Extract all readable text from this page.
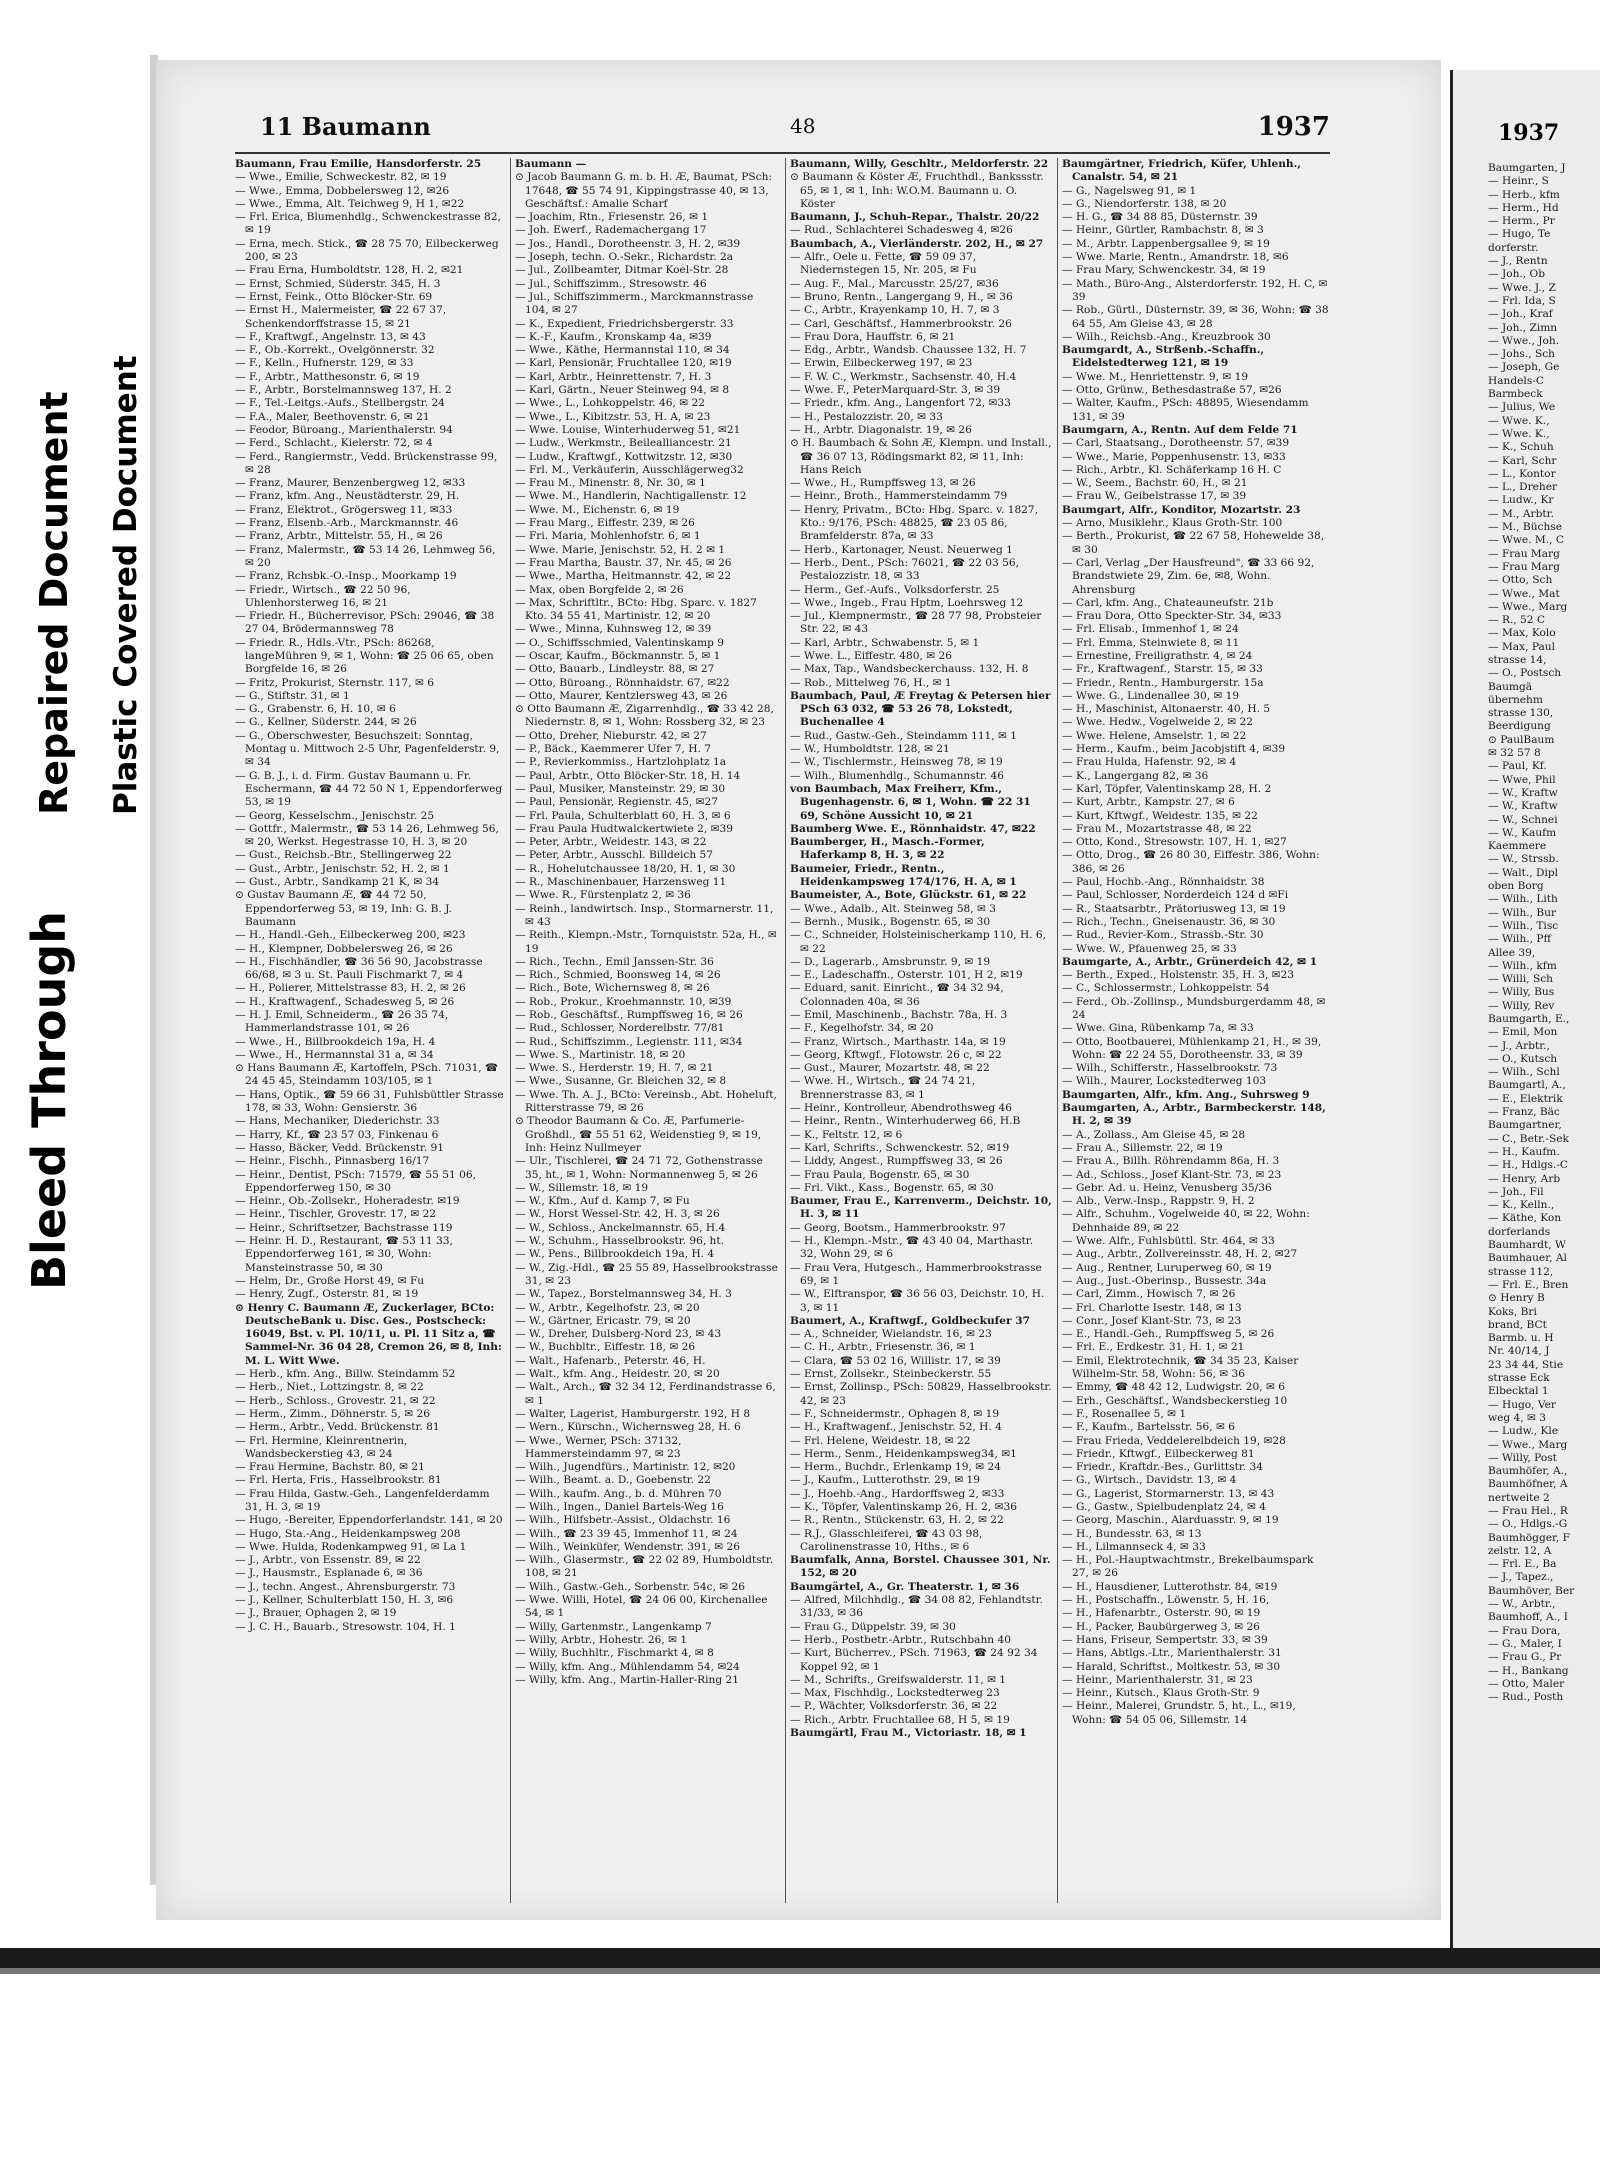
Bleed Through
Repaired Document Plastic Covered Document
11 Baumann	48	1937

Baumann, Frau Emilie, Hansdorferstr. 25

— Wwe., Emilie, Schweckestr. 82, ✉ 19

— Wwe., Emma, Dobbelersweg 12, ✉26

— Wwe., Emma, Alt. Teichweg 9, H 1, ✉22

— Frl. Erica, Blumenhdlg., Schwenckestrasse 82, ✉ 19

— Erna, mech. Stick., ☎ 28 75 70, Eilbeckerweg 200, ✉ 23

— Frau Erna, Humboldtstr. 128, H. 2, ✉21

— Ernst, Schmied, Süderstr. 345, H. 3

— Ernst, Feink., Otto Blöcker-Str. 69

— Ernst H., Malermeister, ☎ 22 67 37, Schenkendorffstrasse 15, ✉ 21

— F., Kraftwgf., Angelnstr. 13, ✉ 43

— F., Ob.-Korrekt., Ovelgönnerstr. 32

— F., Kelln., Hufnerstr. 129, ✉ 33

— F., Arbtr., Matthesonstr. 6, ✉ 19

— F., Arbtr., Borstelmannsweg 137, H. 2

— F., Tel.-Leitgs.-Aufs., Stellbergstr. 24

— F.A., Maler, Beethovenstr. 6, ✉ 21

— Feodor, Büroang., Marienthalerstr. 94

— Ferd., Schlacht., Kielerstr. 72, ✉ 4

— Ferd., Rangiermstr., Vedd. Brückenstrasse 99, ✉ 28

— Franz, Maurer, Benzenbergweg 12, ✉33

— Franz, kfm. Ang., Neustädterstr. 29, H.

— Franz, Elektrot., Grögersweg 11, ✉33

— Franz, Elsenb.-Arb., Marckmannstr. 46

— Franz, Arbtr., Mittelstr. 55, H., ✉ 26

— Franz, Malermstr., ☎ 53 14 26, Lehmweg 56, ✉ 20

— Franz, Rchsbk.-O.-Insp., Moorkamp 19

— Friedr., Wirtsch., ☎ 22 50 96, Uhlenhorsterweg 16, ✉ 21

— Friedr. H., Bücherrevisor, PSch: 29046, ☎ 38 27 04, Brödermannsweg 78

— Friedr. R., Hdls.-Vtr., PSch: 86268, langeMühren 9, ✉ 1, Wohn: ☎ 25 06 65, oben Borgfelde 16, ✉ 26

— Fritz, Prokurist, Sternstr. 117, ✉ 6

— G., Stiftstr. 31, ✉ 1

— G., Grabenstr. 6, H. 10, ✉ 6

— G., Kellner, Süderstr. 244, ✉ 26

— G., Oberschwester, Besuchszeit: Sonntag, Montag u. Mittwoch 2-5 Uhr, Pagenfelderstr. 9, ✉ 34

— G. B. J., i. d. Firm. Gustav Baumann u. Fr. Eschermann, ☎ 44 72 50 N 1, Eppendorferweg 53, ✉ 19

— Georg, Kesselschm., Jenischstr. 25

— Gottfr., Malermstr., ☎ 53 14 26, Lehmweg 56, ✉ 20, Werkst. Hegestrasse 10, H. 3, ✉ 20

— Gust., Reichsb.-Btr., Stellingerweg 22

— Gust., Arbtr., Jenischstr. 52, H. 2, ✉ 1

— Gust., Arbtr., Sandkamp 21 K, ✉ 34

⊙ Gustav Baumann Æ, ☎ 44 72 50, Eppendorferweg 53, ✉ 19, Inh: G. B. J. Baumann

— H., Handl.-Geh., Eilbeckerweg 200, ✉23

— H., Klempner, Dobbelersweg 26, ✉ 26

— H., Fischhändler, ☎ 36 56 90, Jacobstrasse 66/68, ✉ 3 u. St. Pauli Fischmarkt 7, ✉ 4

— H., Polierer, Mittelstrasse 83, H. 2, ✉ 26

— H., Kraftwagenf., Schadesweg 5, ✉ 26

— H. J. Emil, Schneiderm., ☎ 26 35 74, Hammerlandstrasse 101, ✉ 26

— Wwe., H., Billbrookdeich 19a, H. 4

— Wwe., H., Hermannstal 31 a, ✉ 34

⊙ Hans Baumann Æ, Kartoffeln, PSch. 71031, ☎ 24 45 45, Steindamm 103/105, ✉ 1

— Hans, Optik., ☎ 59 66 31, Fuhlsbüttler Strasse 178, ✉ 33, Wohn: Gensierstr. 36

— Hans, Mechaniker, Diederichstr. 33

— Harry, Kf., ☎ 23 57 03, Finkenau 6

— Hasso, Bäcker, Vedd. Brückenstr. 91

— Heinr., Fischh., Pinnasberg 16/17

— Heinr., Dentist, PSch: 71579, ☎ 55 51 06, Eppendorferweg 150, ✉ 30

— Heinr., Ob.-Zollsekr., Hoheradestr. ✉19

— Heinr., Tischler, Grovestr. 17, ✉ 22

— Heinr., Schriftsetzer, Bachstrasse 119

— Heinr. H. D., Restaurant, ☎ 53 11 33, Eppendorferweg 161, ✉ 30, Wohn: Mansteinstrasse 50, ✉ 30

— Helm, Dr., Große Horst 49, ✉ Fu

— Henry, Zugf., Osterstr. 81, ✉ 19

⊙ Henry C. Baumann Æ, Zuckerlager, BCto: DeutscheBank u. Disc. Ges., Postscheck: 16049, Bst. v. Pl. 10/11, u. Pl. 11 Sitz a, ☎ Sammel-Nr. 36 04 28, Cremon 26, ✉ 8, Inh: M. L. Witt Wwe.

— Herb., kfm. Ang., Billw. Steindamm 52

— Herb., Niet., Lottzingstr. 8, ✉ 22

— Herb., Schloss., Grovestr. 21, ✉ 22

— Herm., Zimm., Döhnerstr. 5, ✉ 26

— Herm., Arbtr., Vedd. Brückenstr. 81

— Frl. Hermine, Kleinrentnerin, Wandsbeckerstieg 43, ✉ 24

— Frau Hermine, Bachstr. 80, ✉ 21

— Frl. Herta, Fris., Hasselbrookstr. 81

— Frau Hilda, Gastw.-Geh., Langenfelderdamm 31, H. 3, ✉ 19

— Hugo, -Bereiter, Eppendorferlandstr. 141, ✉ 20

— Hugo, Sta.-Ang., Heidenkampsweg 208

— Wwe. Hulda, Rodenkampweg 91, ✉ La 1

— J., Arbtr., von Essenstr. 89, ✉ 22

— J., Hausmstr., Esplanade 6, ✉ 36

— J., techn. Angest., Ahrensburgerstr. 73

— J., Kellner, Schulterblatt 150, H. 3, ✉6

— J., Brauer, Ophagen 2, ✉ 19

— J. C. H., Bauarb., Stresowstr. 104, H. 1

Baumann —

⊙ Jacob Baumann G. m. b. H. Æ, Baumat, PSch: 17648, ☎ 55 74 91, Kippingstrasse 40, ✉ 13, Geschäftsf.: Amalie Scharf

— Joachim, Rtn., Friesenstr. 26, ✉ 1

— Joh. Ewerf., Rademachergang 17

— Jos., Handl., Dorotheenstr. 3, H. 2, ✉39

— Joseph, techn. O.-Sekr., Richardstr. 2a

— Jul., Zollbeamter, Ditmar Koel-Str. 28

— Jul., Schiffszimm., Stresowstr. 46

— Jul., Schiffszimmerm., Marckmannstrasse 104, ✉ 27

— K., Expedient, Friedrichsbergerstr. 33

— K.-F., Kaufm., Kronskamp 4a, ✉39

— Wwe., Käthe, Hermannstal 110, ✉ 34

— Karl, Pensionär, Fruchtallee 120, ✉19

— Karl, Arbtr., Heinrettenstr. 7, H. 3

— Karl, Gärtn., Neuer Steinweg 94, ✉ 8

— Wwe., L., Lohkoppelstr. 46, ✉ 22

— Wwe., L., Kibitzstr. 53, H. A, ✉ 23

— Wwe. Louise, Winterhuderweg 51, ✉21

— Ludw., Werkmstr., Beilealliancestr. 21

— Ludw., Kraftwgf., Kottwitzstr. 12, ✉30

— Frl. M., Verkäuferin, Ausschlägerweg32

— Frau M., Minenstr. 8, Nr. 30, ✉ 1

— Wwe. M., Handlerin, Nachtigallenstr. 12

— Wwe. M., Eichenstr. 6, ✉ 19

— Frau Marg., Eiffestr. 239, ✉ 26

— Fri. Maria, Mohlenhofstr. 6, ✉ 1

— Wwe. Marie, Jenischstr. 52, H. 2 ✉ 1

— Frau Martha, Baustr. 37, Nr. 45, ✉ 26

— Wwe., Martha, Heitmannstr. 42, ✉ 22

— Max, oben Borgfelde 2, ✉ 26

— Max, Schriftltr., BCto: Hbg. Sparc. v. 1827 Kto. 34 55 41, Martinistr. 12, ✉ 20

— Wwe., Minna, Kuhnsweg 12, ✉ 39

— O., Schiffsschmied, Valentinskamp 9

— Oscar, Kaufm., Böckmannstr. 5, ✉ 1

— Otto, Bauarb., Lindleystr. 88, ✉ 27

— Otto, Büroang., Rönnhaidstr. 67, ✉22

— Otto, Maurer, Kentzlersweg 43, ✉ 26

⊙ Otto Baumann Æ, Zigarrenhdlg., ☎ 33 42 28, Niedernstr. 8, ✉ 1, Wohn: Rossberg 32, ✉ 23

— Otto, Dreher, Nieburstr. 42, ✉ 27

— P., Bäck., Kaemmerer Ufer 7, H. 7

— P., Revierkommiss., Hartzlohplatz 1a

— Paul, Arbtr., Otto Blöcker-Str. 18, H. 14

— Paul, Musiker, Mansteinstr. 29, ✉ 30

— Paul, Pensionär, Regienstr. 45, ✉27

— Frl. Paula, Schulterblatt 60, H. 3, ✉ 6

— Frau Paula Hudtwalckertwiete 2, ✉39

— Peter, Arbtr., Weidestr. 143, ✉ 22

— Peter, Arbtr., Ausschl. Billdeich 57

— R., Hohelutchaussee 18/20, H. 1, ✉ 30

— R., Maschinenbauer, Harzensweg 11

— Wwe. R., Fürstenplatz 2, ✉ 36

— Reinh., landwirtsch. Insp., Stormarnerstr. 11, ✉ 43

— Reith., Klempn.-Mstr., Tornquiststr. 52a, H., ✉ 19

— Rich., Techn., Emil Janssen-Str. 36

— Rich., Schmied, Boonsweg 14, ✉ 26

— Rich., Bote, Wichernsweg 8, ✉ 26

— Rob., Prokur., Kroehmannstr. 10, ✉39

— Rob., Geschäftsf., Rumpffsweg 16, ✉ 26

— Rud., Schlosser, Norderelbstr. 77/81

— Rud., Schiffszimm., Legienstr. 111, ✉34

— Wwe. S., Martinistr. 18, ✉ 20

— Wwe. S., Herderstr. 19, H. 7, ✉ 21

— Wwe., Susanne, Gr. Bleichen 32, ✉ 8

— Wwe. Th. A. J., BCto: Vereinsb., Abt. Hoheluft, Ritterstrasse 79, ✉ 26

⊙ Theodor Baumann & Co. Æ, Parfumerie-Großhdl., ☎ 55 51 62, Weidenstieg 9, ✉ 19, Inh: Heinz Nullmeyer

— Ulr., Tischlerei, ☎ 24 71 72, Gothenstrasse 35, ht., ✉ 1, Wohn: Normannenweg 5, ✉ 26

— W., Sillemstr. 18, ✉ 19

— W., Kfm., Auf d. Kamp 7, ✉ Fu

— W., Horst Wessel-Str. 42, H. 3, ✉ 26

— W., Schloss., Anckelmannstr. 65, H.4

— W., Schuhm., Hasselbrookstr. 96, ht.

— W., Pens., Billbrookdeich 19a, H. 4

— W., Zig.-Hdl., ☎ 25 55 89, Hasselbrookstrasse 31, ✉ 23

— W., Tapez., Borstelmannsweg 34, H. 3

— W., Arbtr., Kegelhofstr. 23, ✉ 20

— W., Gärtner, Ericastr. 79, ✉ 20

— W., Dreher, Dulsberg-Nord 23, ✉ 43

— W., Buchbltr., Eiffestr. 18, ✉ 26

— Walt., Hafenarb., Peterstr. 46, H.

— Walt., kfm. Ang., Heidestr. 20, ✉ 20

— Walt., Arch., ☎ 32 34 12, Ferdinandstrasse 6, ✉ 1

— Walter, Lagerist, Hamburgerstr. 192, H 8

— Wern., Kürschn., Wichernsweg 28, H. 6

— Wwe., Werner, PSch: 37132, Hammersteindamm 97, ✉ 23

— Wilh., Jugendfürs., Martinistr. 12, ✉20

— Wilh., Beamt. a. D., Goebenstr. 22

— Wilh., kaufm. Ang., b. d. Mühren 70

— Wilh., Ingen., Daniel Bartels-Weg 16

— Wilh., Hilfsbetr.-Assist., Oldachstr. 16

— Wilh., ☎ 23 39 45, Immenhof 11, ✉ 24

— Wilh., Weinküfer, Wendenstr. 391, ✉ 26

— Wilh., Glasermstr., ☎ 22 02 89, Humboldtstr. 108, ✉ 21

— Wilh., Gastw.-Geh., Sorbenstr. 54c, ✉ 26

— Wwe. Willi, Hotel, ☎ 24 06 00, Kirchenallee 54, ✉ 1

— Willy, Gartenmstr., Langenkamp 7

— Willy, Arbtr., Hohestr. 26, ✉ 1

— Willy, Buchhltr., Fischmarkt 4, ✉ 8

— Willy, kfm. Ang., Mühlendamm 54, ✉24

— Willy, kfm. Ang., Martin-Haller-Ring 21

Baumann, Willy, Geschltr., Meldorferstr. 22

⊙ Baumann & Köster Æ, Fruchthdl., Bankssstr. 65, ✉ 1, ✉ 1, Inh: W.O.M. Baumann u. O. Köster

Baumann, J., Schuh-Repar., Thalstr. 20/22

— Rud., Schlachterei Schadesweg 4, ✉26

Baumbach, A., Vierländerstr. 202, H., ✉ 27

— Alfr., Oele u. Fette, ☎ 59 09 37, Niedernstegen 15, Nr. 205, ✉ Fu

— Aug. F., Mal., Marcusstr. 25/27, ✉36

— Bruno, Rentn., Langergang 9, H., ✉ 36

— C., Arbtr., Krayenkamp 10, H. 7, ✉ 3

— Carl, Geschäftsf., Hammerbrookstr. 26

— Frau Dora, Hauffstr. 6, ✉ 21

— Edg., Arbtr., Wandsb. Chaussee 132, H. 7

— Erwin, Eilbeckerweg 197, ✉ 23

— F. W. C., Werkmstr., Sachsenstr. 40, H.4

— Wwe. F., PeterMarquard-Str. 3, ✉ 39

— Friedr., kfm. Ang., Langenfort 72, ✉33

— H., Pestalozzistr. 20, ✉ 33

— H., Arbtr. Diagonalstr. 19, ✉ 26

⊙ H. Baumbach & Sohn Æ, Klempn. und Install., ☎ 36 07 13, Rödingsmarkt 82, ✉ 11, Inh: Hans Reich

— Wwe., H., Rumpffsweg 13, ✉ 26

— Heinr., Broth., Hammersteindamm 79

— Henry, Privatm., BCto: Hbg. Sparc. v. 1827, Kto.: 9/176, PSch: 48825, ☎ 23 05 86, Bramfelderstr. 87a, ✉ 33

— Herb., Kartonager, Neust. Neuerweg 1

— Herb., Dent., PSch: 76021, ☎ 22 03 56, Pestalozzistr. 18, ✉ 33

— Herm., Gef.-Aufs., Volksdorferstr. 25

— Wwe., Ingeb., Frau Hptm, Loehrsweg 12

— Jul., Klempnermstr., ☎ 28 77 98, Probsteier Str. 22, ✉ 43

— Karl, Arbtr., Schwabenstr. 5, ✉ 1

— Wwe. L., Eiffestr. 480, ✉ 26

— Max, Tap., Wandsbeckerchauss. 132, H. 8

— Rob., Mittelweg 76, H., ✉ 1

Baumbach, Paul, Æ Freytag & Petersen hier PSch 63 032, ☎ 53 26 78, Lokstedt, Buchenallee 4

— Rud., Gastw.-Geh., Steindamm 111, ✉ 1

— W., Humboldtstr. 128, ✉ 21

— W., Tischlermstr., Heinsweg 78, ✉ 19

— Wilh., Blumenhdlg., Schumannstr. 46

von Baumbach, Max Freiherr, Kfm., Bugenhagenstr. 6, ✉ 1, Wohn. ☎ 22 31 69, Schöne Aussicht 10, ✉ 21

Baumberg Wwe. E., Rönnhaidstr. 47, ✉22

Baumberger, H., Masch.-Former, Haferkamp 8, H. 3, ✉ 22

Baumeier, Friedr., Rentn., Heidenkampsweg 174/176, H. A, ✉ 1

Baumeister, A., Bote, Glückstr. 61, ✉ 22

— Wwe., Adalb., Alt. Steinweg 58, ✉ 3

— Bernh., Musik., Bogenstr. 65, ✉ 30

— C., Schneider, Holsteinischerkamp 110, H. 6, ✉ 22

— D., Lagerarb., Amsbrunstr. 9, ✉ 19

— E., Ladeschaffn., Osterstr. 101, H 2, ✉19

— Eduard, sanit. Einricht., ☎ 34 32 94, Colonnaden 40a, ✉ 36

— Emil, Maschinenb., Bachstr. 78a, H. 3

— F., Kegelhofstr. 34, ✉ 20

— Franz, Wirtsch., Marthastr. 14a, ✉ 19

— Georg, Kftwgf., Flotowstr. 26 c, ✉ 22

— Gust., Maurer, Mozartstr. 48, ✉ 22

— Wwe. H., Wirtsch., ☎ 24 74 21, Brennerstrasse 83, ✉ 1

— Heinr., Kontrolleur, Abendrothsweg 46

— Heinr., Rentn., Winterhuderweg 66, H.B

— K., Feltstr. 12, ✉ 6

— Karl, Schrifts., Schwenckestr. 52, ✉19

— Liddy, Angest., Rumpffsweg 33, ✉ 26

— Frau Paula, Bogenstr. 65, ✉ 30

— Frl. Vikt., Kass., Bogenstr. 65, ✉ 30

Baumer, Frau E., Karrenverm., Deichstr. 10, H. 3, ✉ 11

— Georg, Bootsm., Hammerbrookstr. 97

— H., Klempn.-Mstr., ☎ 43 40 04, Marthastr. 32, Wohn 29, ✉ 6

— Frau Vera, Hutgesch., Hammerbrookstrasse 69, ✉ 1

— W., Elftranspor, ☎ 36 56 03, Deichstr. 10, H. 3, ✉ 11

Baumert, A., Kraftwgf., Goldbeckufer 37

— A., Schneider, Wielandstr. 16, ✉ 23

— C. H., Arbtr., Friesenstr. 36, ✉ 1

— Clara, ☎ 53 02 16, Willistr. 17, ✉ 39

— Ernst, Zollsekr., Steinbeckerstr. 55

— Ernst, Zollinsp., PSch: 50829, Hasselbrookstr. 42, ✉ 23

— F., Schneidermstr., Ophagen 8, ✉ 19

— H., Kraftwagenf., Jenischstr. 52, H. 4

— Frl. Helene, Weidestr. 18, ✉ 22

— Herm., Senm., Heidenkampsweg34, ✉1

— Herm., Buchdr., Erlenkamp 19, ✉ 24

— J., Kaufm., Lutterothstr. 29, ✉ 19

— J., Hoehb.-Ang., Hardorffsweg 2, ✉33

— K., Töpfer, Valentinskamp 26, H. 2, ✉36

— R., Rentn., Stückenstr. 63, H. 2, ✉ 22

— R.J., Glasschleiferei, ☎ 43 03 98, Carolinenstrasse 10, Hths., ✉ 6

Baumfalk, Anna, Borstel. Chaussee 301, Nr. 152, ✉ 20

Baumgärtel, A., Gr. Theaterstr. 1, ✉ 36

— Alfred, Milchhdlg., ☎ 34 08 82, Fehlandtstr. 31/33, ✉ 36

— Frau G., Düppelstr. 39, ✉ 30

— Herb., Postbetr.-Arbtr., Rutschbahn 40

— Kurt, Bücherrev., PSch. 71963, ☎ 24 92 34 Koppel 92, ✉ 1

— M., Schrifts., Greifswalderstr. 11, ✉ 1

— Max, Fischhdlg., Lockstedterweg 23

— P., Wächter, Volksdorferstr. 36, ✉ 22

— Rich., Arbtr. Fruchtallee 68, H 5, ✉ 19

Baumgärtl, Frau M., Victoriastr. 18, ✉ 1

Baumgärtner, Friedrich, Küfer, Uhlenh., Canalstr. 54, ✉ 21

— G., Nagelsweg 91, ✉ 1

— G., Niendorferstr. 138, ✉ 20

— H. G., ☎ 34 88 85, Düsternstr. 39

— Heinr., Gürtler, Rambachstr. 8, ✉ 3

— M., Arbtr. Lappenbergsallee 9, ✉ 19

— Wwe. Marie, Rentn., Amandrstr. 18, ✉6

— Frau Mary, Schwenckestr. 34, ✉ 19

— Math., Büro-Ang., Alsterdorferstr. 192, H. C, ✉ 39

— Rob., Gürtl., Düsternstr. 39, ✉ 36, Wohn: ☎ 38 64 55, Am Gleise 43, ✉ 28

— Wilh., Reichsb.-Ang., Kreuzbrook 30

Baumgardt, A., Strßenb.-Schaffn., Eidelstedterweg 121, ✉ 19

— Wwe. M., Henriettenstr. 9, ✉ 19

— Otto, Grünw., Bethesdastraße 57, ✉26

— Walter, Kaufm., PSch: 48895, Wiesendamm 131, ✉ 39

Baumgarn, A., Rentn. Auf dem Felde 71

— Carl, Staatsang., Dorotheenstr. 57, ✉39

— Wwe., Marie, Poppenhusenstr. 13, ✉33

— Rich., Arbtr., Kl. Schäferkamp 16 H. C

— W., Seem., Bachstr. 60, H., ✉ 21

— Frau W., Geibelstrasse 17, ✉ 39

Baumgart, Alfr., Konditor, Mozartstr. 23

— Arno, Musiklehr., Klaus Groth-Str. 100

— Berth., Prokurist, ☎ 22 67 58, Hohewelde 38, ✉ 30

— Carl, Verlag „Der Hausfreund", ☎ 33 66 92, Brandstwiete 29, Zim. 6e, ✉8, Wohn. Ahrensburg

— Carl, kfm. Ang., Chateauneufstr. 21b

— Frau Dora, Otto Speckter-Str. 34, ✉33

— Frl. Elisab., Immenhof 1, ✉ 24

— Frl. Emma, Steinwiete 8, ✉ 11

— Ernestine, Freiligrathstr. 4, ✉ 24

— Fr., Kraftwagenf., Starstr. 15, ✉ 33

— Friedr., Rentn., Hamburgerstr. 15a

— Wwe. G., Lindenallee 30, ✉ 19

— H., Maschinist, Altonaerstr. 40, H. 5

— Wwe. Hedw., Vogelweide 2, ✉ 22

— Wwe. Helene, Amselstr. 1, ✉ 22

— Herm., Kaufm., beim Jacobjstift 4, ✉39

— Frau Hulda, Hafenstr. 92, ✉ 4

— K., Langergang 82, ✉ 36

— Karl, Töpfer, Valentinskamp 28, H. 2

— Kurt, Arbtr., Kampstr. 27, ✉ 6

— Kurt, Kftwgf., Weidestr. 135, ✉ 22

— Frau M., Mozartstrasse 48, ✉ 22

— Otto, Kond., Stresowstr. 107, H. 1, ✉27

— Otto, Drog., ☎ 26 80 30, Eiffestr. 386, Wohn: 386, ✉ 26

— Paul, Hochb.-Ang., Rönnhaidstr. 38

— Paul, Schlosser, Norderdeich 124 d ✉Fi

— R., Staatsarbtr., Prätoriusweg 13, ✉ 19

— Rich., Techn., Gneisenaustr. 36, ✉ 30

— Rud., Revier-Kom., Strassb.-Str. 30

— Wwe. W., Pfauenweg 25, ✉ 33

Baumgarte, A., Arbtr., Grünerdeich 42, ✉ 1

— Berth., Exped., Holstenstr. 35, H. 3, ✉23

— C., Schlossermstr., Lohkoppelstr. 54

— Ferd., Ob.-Zollinsp., Mundsburgerdamm 48, ✉ 24

— Wwe. Gina, Rübenkamp 7a, ✉ 33

— Otto, Bootbauerei, Mühlenkamp 21, H., ✉ 39, Wohn: ☎ 22 24 55, Dorotheenstr. 33, ✉ 39

— Wilh., Schifferstr., Hasselbrookstr. 73

— Wilh., Maurer, Lockstedterweg 103

Baumgarten, Alfr., kfm. Ang., Suhrsweg 9

Baumgarten, A., Arbtr., Barmbeckerstr. 148, H. 2, ✉ 39

— A., Zollass., Am Gleise 45, ✉ 28

— Frau A., Sillemstr. 22, ✉ 19

— Frau A., Billh. Röhrendamm 86a, H. 3

— Ad., Schloss., Josef Klant-Str. 73, ✉ 23

— Gebr. Ad. u. Heinz, Venusberg 35/36

— Alb., Verw.-Insp., Rappstr. 9, H. 2

— Alfr., Schuhm., Vogelweide 40, ✉ 22, Wohn: Dehnhaide 89, ✉ 22

— Wwe. Alfr., Fuhlsbüttl. Str. 464, ✉ 33

— Aug., Arbtr., Zollvereinsstr. 48, H. 2, ✉27

— Aug., Rentner, Luruperweg 60, ✉ 19

— Aug., Just.-Oberinsp., Bussestr. 34a

— Carl, Zimm., Howisch 7, ✉ 26

— Frl. Charlotte Isestr. 148, ✉ 13

— Conr., Josef Klant-Str. 73, ✉ 23

— E., Handl.-Geh., Rumpffsweg 5, ✉ 26

— Frl. E., Erdkestr. 31, H. 1, ✉ 21

— Emil, Elektrotechnik, ☎ 34 35 23, Kaiser Wilhelm-Str. 58, Wohn: 56, ✉ 36

— Emmy, ☎ 48 42 12, Ludwigstr. 20, ✉ 6

— Erh., Geschäftsf., Wandsbeckerstieg 10

— F., Rosenallee 5, ✉ 1

— F., Kaufm., Bartelsstr. 56, ✉ 6

— Frau Frieda, Veddelerelbdeich 19, ✉28

— Friedr., Kftwgf., Eilbeckerweg 81

— Friedr., Kraftdr.-Bes., Gurlittstr. 34

— G., Wirtsch., Davidstr. 13, ✉ 4

— G., Lagerist, Stormarnerstr. 13, ✉ 43

— G., Gastw., Spielbudenplatz 24, ✉ 4

— Georg, Maschin., Alarduasstr. 9, ✉ 19

— H., Bundesstr. 63, ✉ 13

— H., Lilmannseck 4, ✉ 33

— H., Pol.-Hauptwachtmstr., Brekelbaumspark 27, ✉ 26

— H., Hausdiener, Lutterothstr. 84, ✉19

— H., Postschaffn., Löwenstr. 5, H. 16,

— H., Hafenarbtr., Osterstr. 90, ✉ 19

— H., Packer, Baubürgerweg 3, ✉ 26

— Hans, Friseur, Sempertstr. 33, ✉ 39

— Hans, Abtlgs.-Ltr., Marienthalerstr. 31

— Harald, Schriftst., Moltkestr. 53, ✉ 30

— Heinr., Marienthalerstr. 31, ✉ 23

— Heinr., Kutsch., Klaus Groth-Str. 9

— Heinr., Malerei, Grundstr. 5, ht., L., ✉19, Wohn: ☎ 54 05 06, Sillemstr. 14

1937

Baumgarten, J

— Heinr., S

— Herb., kfm

— Herm., Hd

— Herm., Pr

— Hugo, Te

dorferstr.

— J., Rentn

— Joh., Ob

— Wwe. J., Z

— Frl. Ida, S

— Joh., Kraf

— Joh., Zimn

— Wwe., Joh.

— Johs., Sch

— Joseph, Ge

Handels-C

Barmbeck

— Julius, We

— Wwe. K.,

— Wwe. K.,

— K., Schuh

— Karl, Schr

— L., Kontor

— L., Dreher

— Ludw., Kr

— M., Arbtr.

— M., Büchse

— Wwe. M., C

— Frau Marg

— Frau Marg

— Otto, Sch

— Wwe., Mat

— Wwe., Marg

— R., 52 C

— Max, Kolo

— Max, Paul

strasse 14,

— O., Postsch

Baumgä

übernehm

strasse 130,

Beerdigung

⊙ PaulBaum

✉ 32 57 8

— Paul, Kf.

— Wwe, Phil

— W., Kraftw

— W., Kraftw

— W., Schnei

— W., Kaufm

Kaemmere

— W., Strssb.

— Walt., Dipl

oben Borg

— Wilh., Lith

— Wilh., Bur

— Wilh., Tisc

— Wilh., Pff

Allee 39,

— Wilh., kfm

— Willi, Sch

— Willy, Bus

— Willy, Rev

Baumgarth, E.,

— Emil, Mon

— J., Arbtr.,

— O., Kutsch

— Wilh., Schl

Baumgartl, A.,

— E., Elektrik

— Franz, Bäc

Baumgartner,

— C., Betr.-Sek

— H., Kaufm.

— H., Hdlgs.-C

— Henry, Arb

— Joh., Fil

— K., Kelln.,

— Käthe, Kon

dorferlands

Baumhardt, W

Baumhauer, Al

strasse 112,

— Frl. E., Bren

⊙ Henry B

Koks, Bri

brand, BCt

Barmb. u. H

Nr. 40/14, J

23 34 44, Stie

strasse Eck

Elbecktal 1

— Hugo, Ver

weg 4, ✉ 3

— Ludw., Kle

— Wwe., Marg

— Willy, Post

Baumhöfer, A.,

Baumhöfner, A

nertweite 2

— Frau Hel., R

— O., Hdlgs.-G

Baumhögger, F

zelstr. 12, A

— Frl. E., Ba

— J., Tapez.,

Baumhöver, Ber

— W., Arbtr.,

Baumhoff, A., I

— Frau Dora,

— G., Maler, I

— Frau G., Pr

— H., Bankang

— Otto, Maler

— Rud., Posth
